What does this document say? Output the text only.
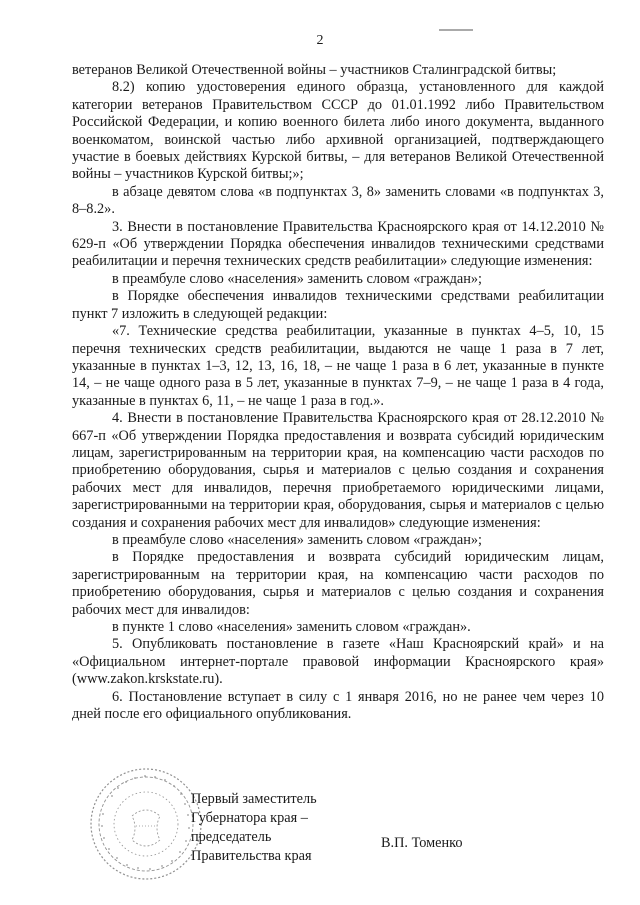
2

ветеранов Великой Отечественной войны – участников Сталинградской битвы;

8.2) копию удостоверения единого образца, установленного для каждой категории ветеранов Правительством СССР до 01.01.1992 либо Правительством Российской Федерации, и копию военного билета либо иного документа, выданного военкоматом, воинской частью либо архивной организацией, подтверждающего участие в боевых действиях Курской битвы, – для ветеранов Великой Отечественной войны – участников Курской битвы;»;

в абзаце девятом слова «в подпунктах 3, 8» заменить словами «в подпунктах 3, 8–8.2».

3. Внести в постановление Правительства Красноярского края от 14.12.2010 № 629-п «Об утверждении Порядка обеспечения инвалидов техническими средствами реабилитации и перечня технических средств реабилитации» следующие изменения:

в преамбуле слово «населения» заменить словом «граждан»;

в Порядке обеспечения инвалидов техническими средствами реабилитации пункт 7 изложить в следующей редакции:

«7. Технические средства реабилитации, указанные в пунктах 4–5, 10, 15 перечня технических средств реабилитации, выдаются не чаще 1 раза в 7 лет, указанные в пунктах 1–3, 12, 13, 16, 18, – не чаще 1 раза в 6 лет, указанные в пункте 14, – не чаще одного раза в 5 лет, указанные в пунктах 7–9, – не чаще 1 раза в 4 года, указанные в пунктах 6, 11, – не чаще 1 раза в год.».

4. Внести в постановление Правительства Красноярского края от 28.12.2010 № 667-п «Об утверждении Порядка предоставления и возврата субсидий юридическим лицам, зарегистрированным на территории края, на компенсацию части расходов по приобретению оборудования, сырья и материалов с целью создания и сохранения рабочих мест для инвалидов, перечня приобретаемого юридическими лицами, зарегистрированными на территории края, оборудования, сырья и материалов с целью создания и сохранения рабочих мест для инвалидов» следующие изменения:

в преамбуле слово «населения» заменить словом «граждан»;

в Порядке предоставления и возврата субсидий юридическим лицам, зарегистрированным на территории края, на компенсацию части расходов по приобретению оборудования, сырья и материалов с целью создания и сохранения рабочих мест для инвалидов:

в пункте 1 слово «населения» заменить словом «граждан».

5. Опубликовать постановление в газете «Наш Красноярский край» и на «Официальном интернет-портале правовой информации Красноярского края» (www.zakon.krskstate.ru).

6. Постановление вступает в силу с 1 января 2016, но не ранее чем через 10 дней после его официального опубликования.

Первый заместитель
Губернатора края –
председатель
Правительства края
В.П. Томенко
